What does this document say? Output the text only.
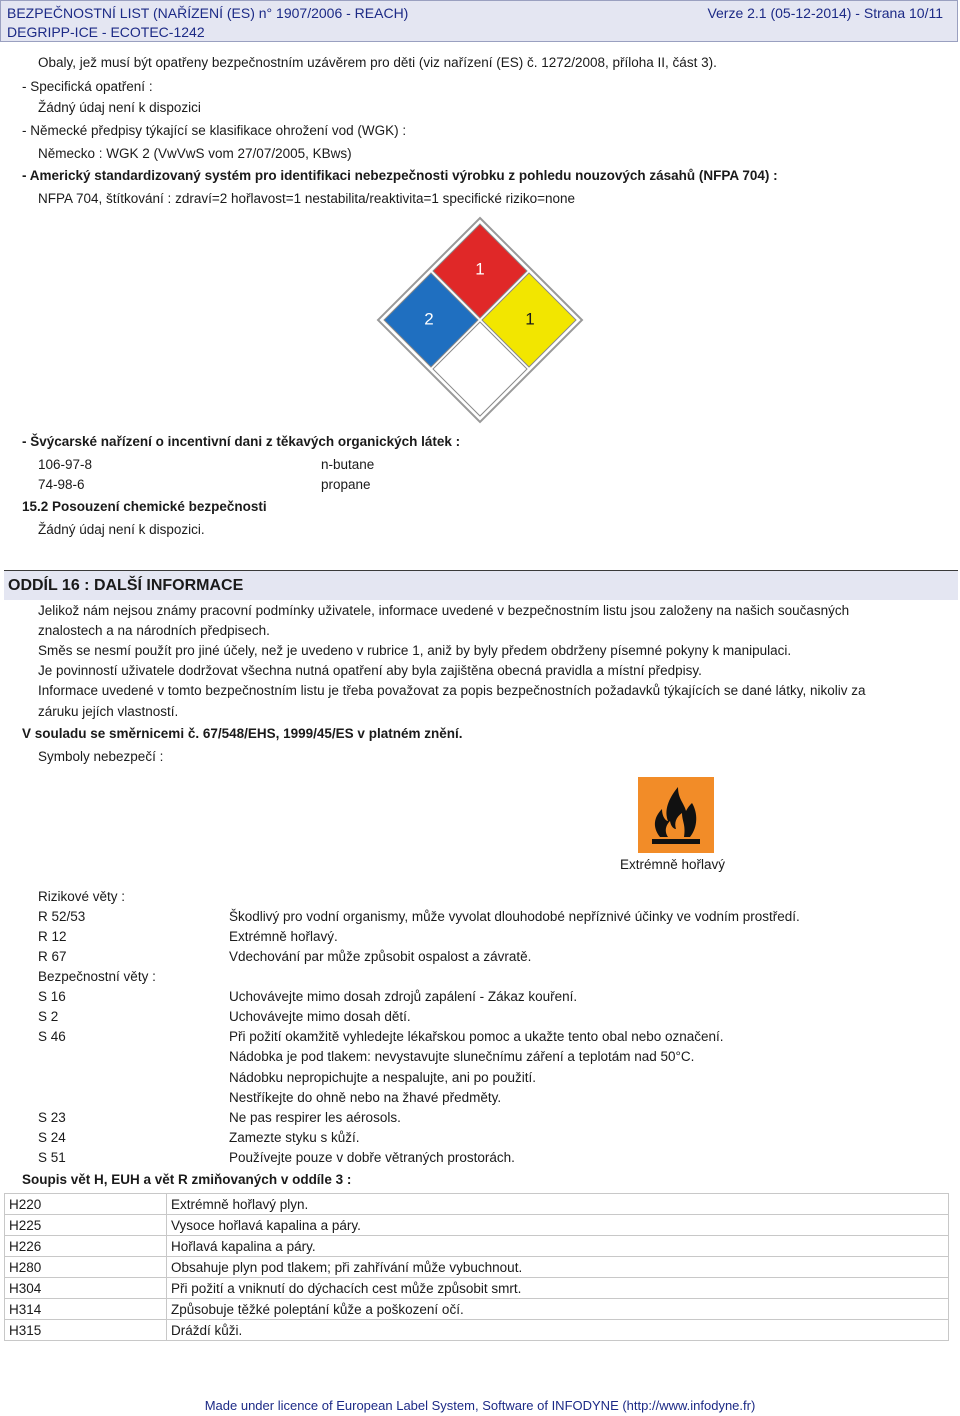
BEZPEČNOSTNÍ LIST (NAŘÍZENÍ (ES) n° 1907/2006 - REACH)	Verze 2.1 (05-12-2014) - Strana 10/11
DEGRIPP-ICE - ECOTEC-1242
Obaly, jež musí být opatřeny bezpečnostním uzávěrem pro děti (viz nařízení (ES) č. 1272/2008, příloha II, část 3).
- Specifická opatření :
Žádný údaj není k dispozici
- Německé předpisy týkající se klasifikace ohrožení vod (WGK) :
Německo : WGK 2 (VwVwS vom 27/07/2005, KBws)
- Americký standardizovaný systém pro identifikaci nebezpečnosti výrobku z pohledu nouzových zásahů (NFPA 704) :
NFPA 704, štítkování : zdraví=2 hořlavost=1 nestabilita/reaktivita=1 specifické riziko=none
1
2	1
- Švýcarské nařízení o incentivní dani z těkavých organických látek :
106-97-8	n-butane
74-98-6	propane
15.2 Posouzení chemické bezpečnosti
Žádný údaj není k dispozici.
ODDÍL 16 : DALŠÍ INFORMACE
Jelikož nám nejsou známy pracovní podmínky uživatele, informace uvedené v bezpečnostním listu jsou založeny na našich současných
znalostech a na národních předpisech.
Směs se nesmí použít pro jiné účely, než je uvedeno v rubrice 1, aniž by byly předem obdrženy písemné pokyny k manipulaci.
Je povinností uživatele dodržovat všechna nutná opatření aby byla zajištěna obecná pravidla a místní předpisy.
Informace uvedené v tomto bezpečnostním listu je třeba považovat za popis bezpečnostních požadavků týkajících se dané látky, nikoliv za
záruku jejích vlastností.
V souladu se směrnicemi č. 67/548/EHS, 1999/45/ES v platném znění.
Symboly nebezpečí :
Extrémně hořlavý
Rizikové věty :
R 52/53	Škodlivý pro vodní organismy, může vyvolat dlouhodobé nepříznivé účinky ve vodním prostředí.
R 12	Extrémně hořlavý.
R 67	Vdechování par může způsobit ospalost a závratě.
Bezpečnostní věty :
S 16	Uchovávejte mimo dosah zdrojů zapálení - Zákaz kouření.
S 2	Uchovávejte mimo dosah dětí.
S 46	Při požití okamžitě vyhledejte lékařskou pomoc a ukažte tento obal nebo označení.
Nádobka je pod tlakem: nevystavujte slunečnímu záření a teplotám nad 50°C.
Nádobku nepropichujte a nespalujte, ani po použití.
Nestříkejte do ohně nebo na žhavé předměty.
S 23	Ne pas respirer les aérosols.
S 24	Zamezte styku s kůží.
S 51	Používejte pouze v dobře větraných prostorách.
Soupis vět H, EUH a vět R zmiňovaných v oddíle 3 :
H220	Extrémně hořlavý plyn.
H225	Vysoce hořlavá kapalina a páry.
H226	Hořlavá kapalina a páry.
H280	Obsahuje plyn pod tlakem; při zahřívání může vybuchnout.
H304	Při požití a vniknutí do dýchacích cest může způsobit smrt.
H314	Způsobuje těžké poleptání kůže a poškození očí.
H315	Dráždí kůži.
Made under licence of European Label System, Software of INFODYNE (http://www.infodyne.fr)
